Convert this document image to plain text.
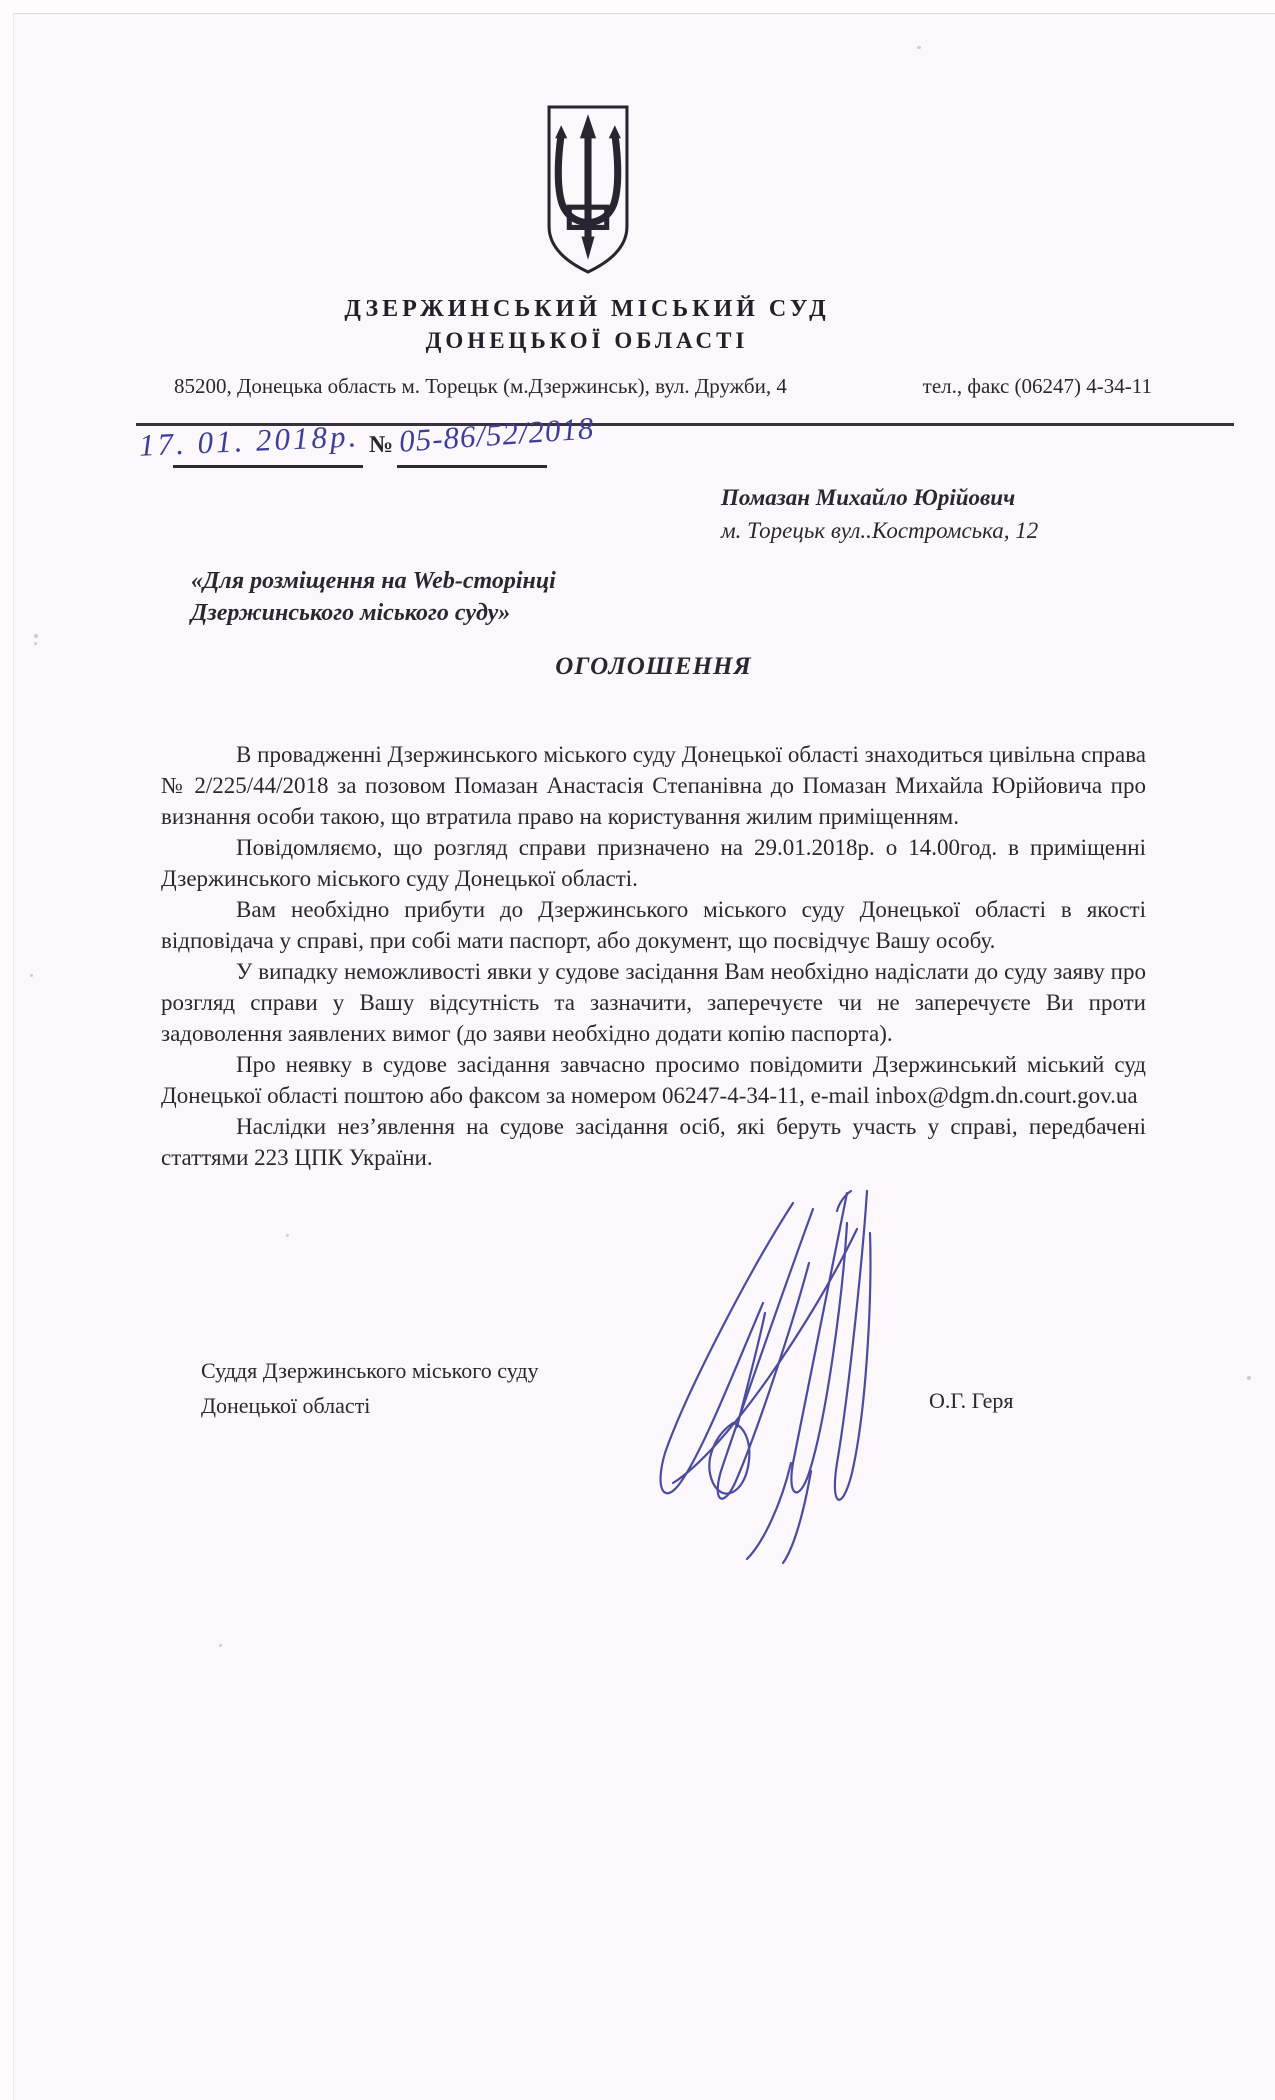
ДЗЕРЖИНСЬКИЙ МІСЬКИЙ СУД
ДОНЕЦЬКОЇ ОБЛАСТІ
85200, Донецька область м. Торецьк (м.Дзержинськ), вул. Дружби, 4	тел., факс (06247) 4-34-11
17. 01. 2018р. № 05-86/52/2018
Помазан Михайло Юрійович
м. Торецьк вул..Костромська, 12
«Для розміщення на Web-сторінці
Дзержинського міського суду»
ОГОЛОШЕННЯ

В провадженні Дзержинського міського суду Донецької області знаходиться цивільна справа № 2/225/44/2018 за позовом Помазан Анастасія Степанівна до Помазан Михайла Юрійовича про визнання особи такою, що втратила право на користування жилим приміщенням.

Повідомляємо, що розгляд справи призначено на 29.01.2018р. о 14.00год. в приміщенні Дзержинського міського суду Донецької області.

Вам необхідно прибути до Дзержинського міського суду Донецької області в якості відповідача у справі, при собі мати паспорт, або документ, що посвідчує Вашу особу.

У випадку неможливості явки у судове засідання Вам необхідно надіслати до суду заяву про розгляд справи у Вашу відсутність та зазначити, заперечуєте чи не заперечуєте Ви проти задоволення заявлених вимог (до заяви необхідно додати копію паспорта).

Про неявку в судове засідання завчасно просимо повідомити Дзержинський міський суд Донецької області поштою або факсом за номером 06247-4-34-11, e-mail inbox@dgm.dn.court.gov.ua

Наслідки нез’явлення на судове засідання осіб, які беруть участь у справі, передбачені статтями 223 ЦПК України.

Суддя Дзержинського міського суду
Донецької області	О.Г. Геря
